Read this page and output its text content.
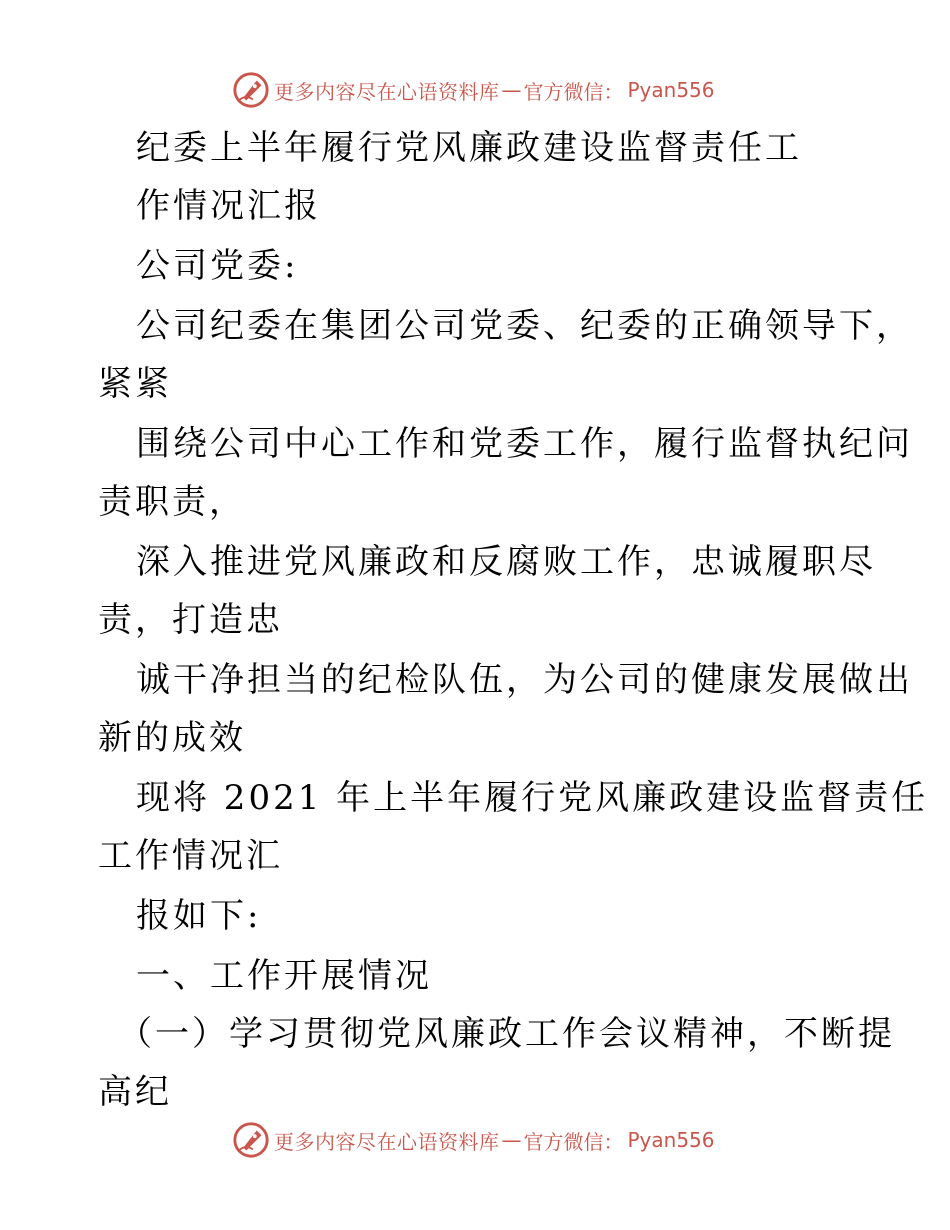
更多内容尽在心语资料库 — 官方微信： Pyan556
纪委上半年履行党风廉政建设监督责任工
作情况汇报
公司党委:
公司纪委在集团公司党委、纪委的正确领导下，
紧紧
围绕公司中心工作和党委工作，履行监督执纪问
责职责，
深入推进党风廉政和反腐败工作，忠诚履职尽
责，打造忠
诚干净担当的纪检队伍，为公司的健康发展做出
新的成效
现将 2021 年上半年履行党风廉政建设监督责任
工作情况汇
报如下:
一、工作开展情况
（一）学习贯彻党风廉政工作会议精神，不断提
高纪
更多内容尽在心语资料库 — 官方微信： Pyan556
